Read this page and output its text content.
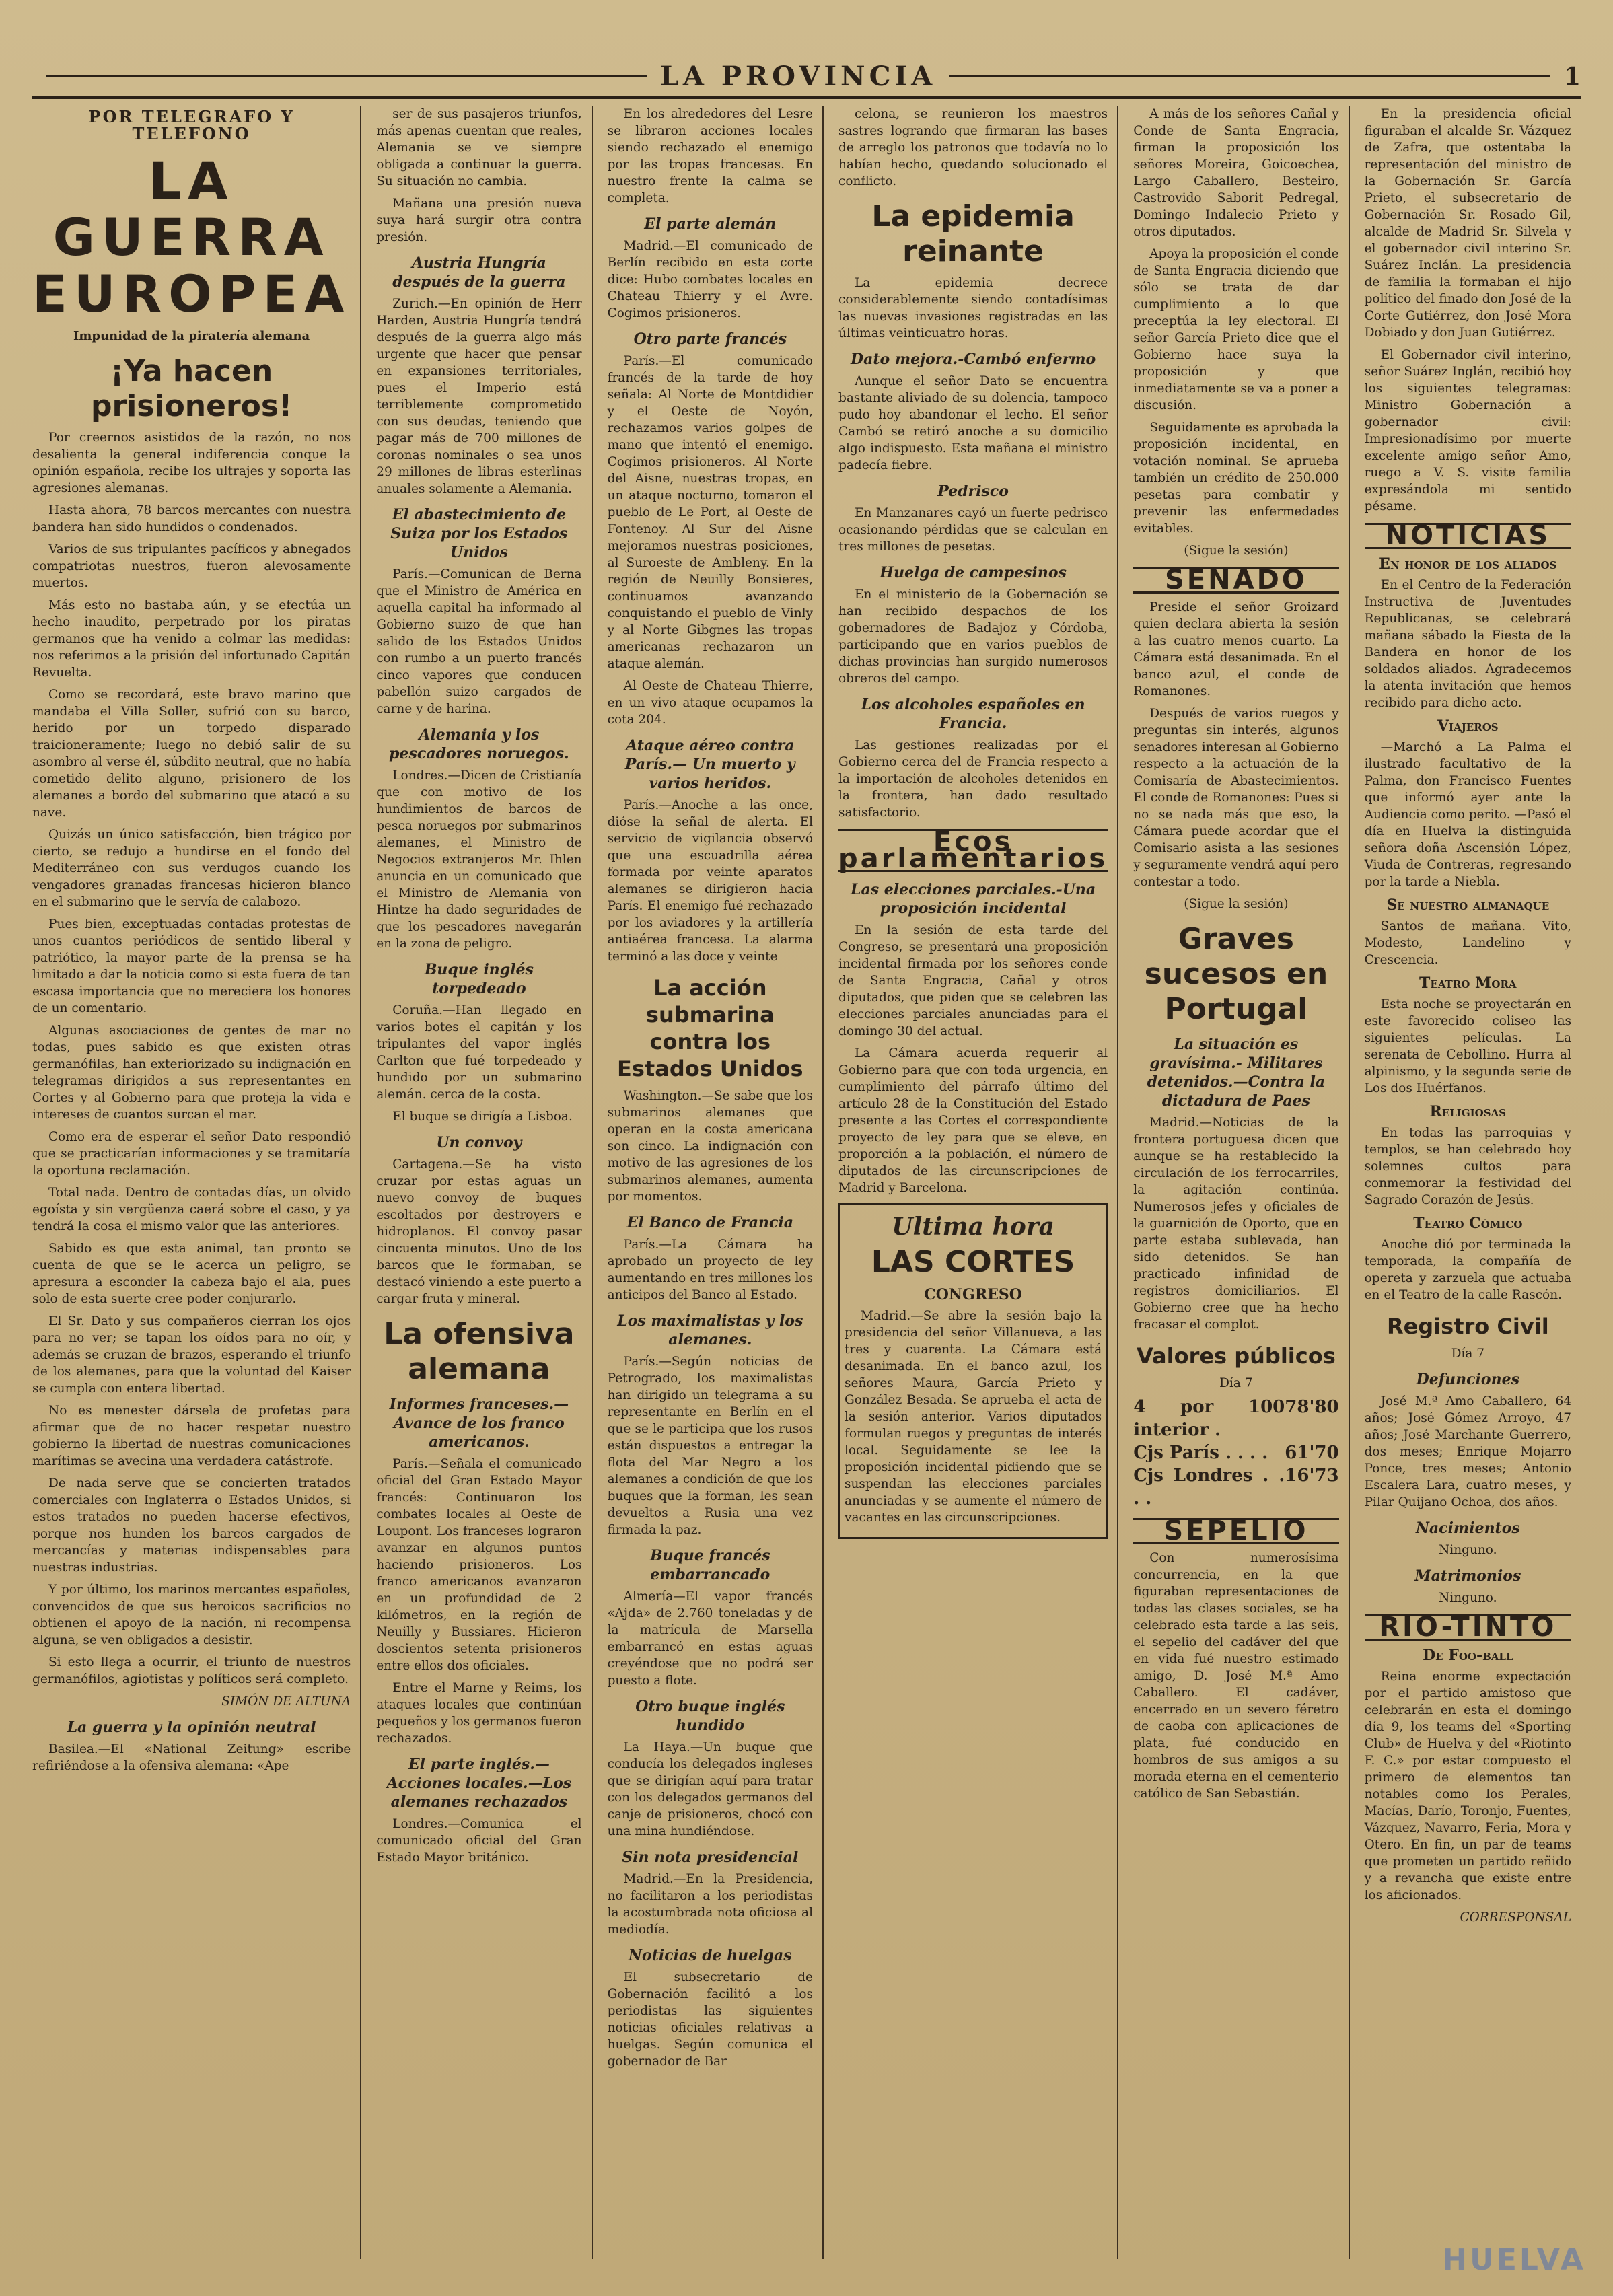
LA PROVINCIA	1
POR TELEGRAFO Y TELEFONO
LA GUERRA EUROPEA
Impunidad de la piratería alemana
¡Ya hacen prisioneros!

Por creernos asistidos de la razón, no nos desalienta la general indiferencia conque la opinión española, recibe los ultrajes y soporta las agresiones alemanas.

Hasta ahora, 78 barcos mercantes con nuestra bandera han sido hundidos o condenados.

Varios de sus tripulantes pacíficos y abnegados compatriotas nuestros, fueron alevosamente muertos.

Más esto no bastaba aún, y se efectúa un hecho inaudito, perpetrado por los piratas germanos que ha venido a colmar las medidas: nos referimos a la prisión del infortunado Capitán Revuelta.

Como se recordará, este bravo marino que mandaba el Villa Soller, sufrió con su barco, herido por un torpedo disparado traicioneramente; luego no debió salir de su asombro al verse él, súbdito neutral, que no había cometido delito alguno, prisionero de los alemanes a bordo del submarino que atacó a su nave.

Quizás un único satisfacción, bien trágico por cierto, se redujo a hundirse en el fondo del Mediterráneo con sus verdugos cuando los vengadores granadas francesas hicieron blanco en el submarino que le servía de calabozo.

Pues bien, exceptuadas contadas protestas de unos cuantos periódicos de sentido liberal y patriótico, la mayor parte de la prensa se ha limitado a dar la noticia como si esta fuera de tan escasa importancia que no mereciera los honores de un comentario.

Algunas asociaciones de gentes de mar no todas, pues sabido es que existen otras germanófilas, han exteriorizado su indignación en telegramas dirigidos a sus representantes en Cortes y al Gobierno para que proteja la vida e intereses de cuantos surcan el mar.

Como era de esperar el señor Dato respondió que se practicarían informaciones y se tramitaría la oportuna reclamación.

Total nada. Dentro de contadas días, un olvido egoísta y sin vergüenza caerá sobre el caso, y ya tendrá la cosa el mismo valor que las anteriores.

Sabido es que esta animal, tan pronto se cuenta de que se le acerca un peligro, se apresura a esconder la cabeza bajo el ala, pues solo de esta suerte cree poder conjurarlo.

El Sr. Dato y sus compañeros cierran los ojos para no ver; se tapan los oídos para no oír, y además se cruzan de brazos, esperando el triunfo de los alemanes, para que la voluntad del Kaiser se cumpla con entera libertad.

No es menester dársela de profetas para afirmar que de no hacer respetar nuestro gobierno la libertad de nuestras comunicaciones marítimas se avecina una verdadera catástrofe.

De nada serve que se concierten tratados comerciales con Inglaterra o Estados Unidos, si estos tratados no pueden hacerse efectivos, porque nos hunden los barcos cargados de mercancías y materias indispensables para nuestras industrias.

Y por último, los marinos mercantes españoles, convencidos de que sus heroicos sacrificios no obtienen el apoyo de la nación, ni recompensa alguna, se ven obligados a desistir.

Si esto llega a ocurrir, el triunfo de nuestros germanófilos, agiotistas y políticos será completo.

SIMÓN DE ALTUNA
La guerra y la opinión neutral

Basilea.—El «National Zeitung» escribe refiriéndose a la ofensiva alemana: «Ape

ser de sus pasajeros triunfos, más apenas cuentan que reales, Alemania se ve siempre obligada a continuar la guerra. Su situación no cambia.

Mañana una presión nueva suya hará surgir otra contra presión.

Austria Hungría después de la guerra

Zurich.—En opinión de Herr Harden, Austria Hungría tendrá después de la guerra algo más urgente que hacer que pensar en expansiones territoriales, pues el Imperio está terriblemente comprometido con sus deudas, teniendo que pagar más de 700 millones de coronas nominales o sea unos 29 millones de libras esterlinas anuales solamente a Alemania.

El abastecimiento de Suiza por los Estados Unidos

París.—Comunican de Berna que el Ministro de América en aquella capital ha informado al Gobierno suizo de que han salido de los Estados Unidos con rumbo a un puerto francés cinco vapores que conducen pabellón suizo cargados de carne y de harina.

Alemania y los pescadores noruegos.

Londres.—Dicen de Cristianía que con motivo de los hundimientos de barcos de pesca noruegos por submarinos alemanes, el Ministro de Negocios extranjeros Mr. Ihlen anuncia en un comunicado que el Ministro de Alemania von Hintze ha dado seguridades de que los pescadores navegarán en la zona de peligro.

Buque inglés torpedeado

Coruña.—Han llegado en varios botes el capitán y los tripulantes del vapor inglés Carlton que fué torpedeado y hundido por un submarino alemán. cerca de la costa.

El buque se dirigía a Lisboa.

Un convoy

Cartagena.—Se ha visto cruzar por estas aguas un nuevo convoy de buques escoltados por destroyers e hidroplanos. El convoy pasar cincuenta minutos. Uno de los barcos que le formaban, se destacó viniendo a este puerto a cargar fruta y mineral.

La ofensiva alemana
Informes franceses.— Avance de los franco americanos.

París.—Señala el comunicado oficial del Gran Estado Mayor francés: Continuaron los combates locales al Oeste de Loupont. Los franceses lograron avanzar en algunos puntos haciendo prisioneros. Los franco americanos avanzaron en un profundidad de 2 kilómetros, en la región de Neuilly y Bussiares. Hicieron doscientos setenta prisioneros entre ellos dos oficiales.

Entre el Marne y Reims, los ataques locales que continúan pequeños y los germanos fueron rechazados.

El parte inglés.—Acciones locales.—Los alemanes rechazados

Londres.—Comunica el comunicado oficial del Gran Estado Mayor británico.

En los alrededores del Lesre se libraron acciones locales siendo rechazado el enemigo por las tropas francesas. En nuestro frente la calma se completa.

El parte alemán

Madrid.—El comunicado de Berlín recibido en esta corte dice: Hubo combates locales en Chateau Thierry y el Avre. Cogimos prisioneros.

Otro parte francés

París.—El comunicado francés de la tarde de hoy señala: Al Norte de Montdidier y el Oeste de Noyón, rechazamos varios golpes de mano que intentó el enemigo. Cogimos prisioneros. Al Norte del Aisne, nuestras tropas, en un ataque nocturno, tomaron el pueblo de Le Port, al Oeste de Fontenoy. Al Sur del Aisne mejoramos nuestras posiciones, al Suroeste de Ambleny. En la región de Neuilly Bonsieres, continuamos avanzando conquistando el pueblo de Vinly y al Norte Gibgnes las tropas americanas rechazaron un ataque alemán.

Al Oeste de Chateau Thierre, en un vivo ataque ocupamos la cota 204.

Ataque aéreo contra París.— Un muerto y varios heridos.

París.—Anoche a las once, dióse la señal de alerta. El servicio de vigilancia observó que una escuadrilla aérea formada por veinte aparatos alemanes se dirigieron hacia París. El enemigo fué rechazado por los aviadores y la artillería antiaérea francesa. La alarma terminó a las doce y veinte

La acción submarina contra los Estados Unidos

Washington.—Se sabe que los submarinos alemanes que operan en la costa americana son cinco. La indignación con motivo de las agresiones de los submarinos alemanes, aumenta por momentos.

El Banco de Francia

París.—La Cámara ha aprobado un proyecto de ley aumentando en tres millones los anticipos del Banco al Estado.

Los maximalistas y los alemanes.

París.—Según noticias de Petrogrado, los maximalistas han dirigido un telegrama a su representante en Berlín en el que se le participa que los rusos están dispuestos a entregar la flota del Mar Negro a los alemanes a condición de que los buques que la forman, les sean devueltos a Rusia una vez firmada la paz.

Buque francés embarrancado

Almería—El vapor francés «Ajda» de 2.760 toneladas y de la matrícula de Marsella embarrancó en estas aguas creyéndose que no podrá ser puesto a flote.

Otro buque inglés hundido

La Haya.—Un buque que conducía los delegados ingleses que se dirigían aquí para tratar con los delegados germanos del canje de prisioneros, chocó con una mina hundiéndose.

Sin nota presidencial

Madrid.—En la Presidencia, no facilitaron a los periodistas la acostumbrada nota oficiosa al mediodía.

Noticias de huelgas

El subsecretario de Gobernación facilitó a los periodistas las siguientes noticias oficiales relativas a huelgas. Según comunica el gobernador de Bar

celona, se reunieron los maestros sastres logrando que firmaran las bases de arreglo los patronos que todavía no lo habían hecho, quedando solucionado el conflicto.

La epidemia reinante

La epidemia decrece considerablemente siendo contadísimas las nuevas invasiones registradas en las últimas veinticuatro horas.

Dato mejora.-Cambó enfermo

Aunque el señor Dato se encuentra bastante aliviado de su dolencia, tampoco pudo hoy abandonar el lecho. El señor Cambó se retiró anoche a su domicilio algo indispuesto. Esta mañana el ministro padecía fiebre.

Pedrisco

En Manzanares cayó un fuerte pedrisco ocasionando pérdidas que se calculan en tres millones de pesetas.

Huelga de campesinos

En el ministerio de la Gobernación se han recibido despachos de los gobernadores de Badajoz y Córdoba, participando que en varios pueblos de dichas provincias han surgido numerosos obreros del campo.

Los alcoholes españoles en Francia.

Las gestiones realizadas por el Gobierno cerca del de Francia respecto a la importación de alcoholes detenidos en la frontera, han dado resultado satisfactorio.

Ecos parlamentarios
Las elecciones parciales.-Una proposición incidental

En la sesión de esta tarde del Congreso, se presentará una proposición incidental firmada por los señores conde de Santa Engracia, Cañal y otros diputados, que piden que se celebren las elecciones parciales anunciadas para el domingo 30 del actual.

La Cámara acuerda requerir al Gobierno para que con toda urgencia, en cumplimiento del párrafo último del artículo 28 de la Constitución del Estado presente a las Cortes el correspondiente proyecto de ley para que se eleve, en proporción a la población, el número de diputados de las circunscripciones de Madrid y Barcelona.

Ultima hora
LAS CORTES
CONGRESO

Madrid.—Se abre la sesión bajo la presidencia del señor Villanueva, a las tres y cuarenta. La Cámara está desanimada. En el banco azul, los señores Maura, García Prieto y González Besada. Se aprueba el acta de la sesión anterior. Varios diputados formulan ruegos y preguntas de interés local. Seguidamente se lee la proposición incidental pidiendo que se suspendan las elecciones parciales anunciadas y se aumente el número de vacantes en las circunscripciones.

A más de los señores Cañal y Conde de Santa Engracia, firman la proposición los señores Moreira, Goicoechea, Largo Caballero, Besteiro, Castrovido Saborit Pedregal, Domingo Indalecio Prieto y otros diputados.

Apoya la proposición el conde de Santa Engracia diciendo que sólo se trata de dar cumplimiento a lo que preceptúa la ley electoral. El señor García Prieto dice que el Gobierno hace suya la proposición y que inmediatamente se va a poner a discusión.

Seguidamente es aprobada la proposición incidental, en votación nominal. Se aprueba también un crédito de 250.000 pesetas para combatir y prevenir las enfermedades evitables.

(Sigue la sesión)
SENADO

Preside el señor Groizard quien declara abierta la sesión a las cuatro menos cuarto. La Cámara está desanimada. En el banco azul, el conde de Romanones.

Después de varios ruegos y preguntas sin interés, algunos senadores interesan al Gobierno respecto a la actuación de la Comisaría de Abastecimientos. El conde de Romanones: Pues si no se nada más que eso, la Cámara puede acordar que el Comisario asista a las sesiones y seguramente vendrá aquí pero contestar a todo.

(Sigue la sesión)
Graves sucesos en Portugal
La situación es gravísima.- Militares detenidos.—Contra la dictadura de Paes

Madrid.—Noticias de la frontera portuguesa dicen que aunque se ha restablecido la circulación de los ferrocarriles, la agitación continúa. Numerosos jefes y oficiales de la guarnición de Oporto, que en parte estaba sublevada, han sido detenidos. Se han practicado infinidad de registros domiciliarios. El Gobierno cree que ha hecho fracasar el complot.

Valores públicos
Día 7
4 por 100 interior .
78'80
Cjs París . . . . 61'70
Cjs Londres . . . .
16'73
SEPELIO

Con numerosísima concurrencia, en la que figuraban representaciones de todas las clases sociales, se ha celebrado esta tarde a las seis, el sepelio del cadáver del que en vida fué nuestro estimado amigo, D. José M.ª Amo Caballero. El cadáver, encerrado en un severo féretro de caoba con aplicaciones de plata, fué conducido en hombros de sus amigos a su morada eterna en el cementerio católico de San Sebastián.

En la presidencia oficial figuraban el alcalde Sr. Vázquez de Zafra, que ostentaba la representación del ministro de la Gobernación Sr. García Prieto, el subsecretario de Gobernación Sr. Rosado Gil, alcalde de Madrid Sr. Silvela y el gobernador civil interino Sr. Suárez Inclán. La presidencia de familia la formaban el hijo político del finado don José de la Corte Gutiérrez, don José Mora Dobiado y don Juan Gutiérrez.

El Gobernador civil interino, señor Suárez Inglán, recibió hoy los siguientes telegramas: Ministro Gobernación a gobernador civil: Impresionadísimo por muerte excelente amigo señor Amo, ruego a V. S. visite familia expresándola mi sentido pésame.

NOTICIAS
En honor de los aliados

En el Centro de la Federación Instructiva de Juventudes Republicanas, se celebrará mañana sábado la Fiesta de la Bandera en honor de los soldados aliados. Agradecemos la atenta invitación que hemos recibido para dicho acto.

Viajeros

—Marchó a La Palma el ilustrado facultativo de la Palma, don Francisco Fuentes que informó ayer ante la Audiencia como perito. —Pasó el día en Huelva la distinguida señora doña Ascensión López, Viuda de Contreras, regresando por la tarde a Niebla.

Se nuestro almanaque

Santos de mañana. Vito, Modesto, Landelino y Crescencia.

Teatro Mora

Esta noche se proyectarán en este favorecido coliseo las siguientes películas. La serenata de Cebollino. Hurra al alpinismo, y la segunda serie de Los dos Huérfanos.

Religiosas

En todas las parroquias y templos, se han celebrado hoy solemnes cultos para conmemorar la festividad del Sagrado Corazón de Jesús.

Teatro Cómico

Anoche dió por terminada la temporada, la compañía de opereta y zarzuela que actuaba en el Teatro de la calle Rascón.

Registro Civil
Día 7
Defunciones

José M.ª Amo Caballero, 64 años; José Gómez Arroyo, 47 años; José Marchante Guerrero, dos meses; Enrique Mojarro Ponce, tres meses; Antonio Escalera Lara, cuatro meses, y Pilar Quijano Ochoa, dos años.

Nacimientos
Ninguno.
Matrimonios
Ninguno.
RIO-TINTO
De Foo-ball

Reina enorme expectación por el partido amistoso que celebrarán en esta el domingo día 9, los teams del «Sporting Club» de Huelva y del «Riotinto F. C.» por estar compuesto el primero de elementos tan notables como los Perales, Macías, Darío, Toronjo, Fuentes, Vázquez, Navarro, Feria, Mora y Otero. En fin, un par de teams que prometen un partido reñido y a revancha que existe entre los aficionados.

CORRESPONSAL
HUELVA
